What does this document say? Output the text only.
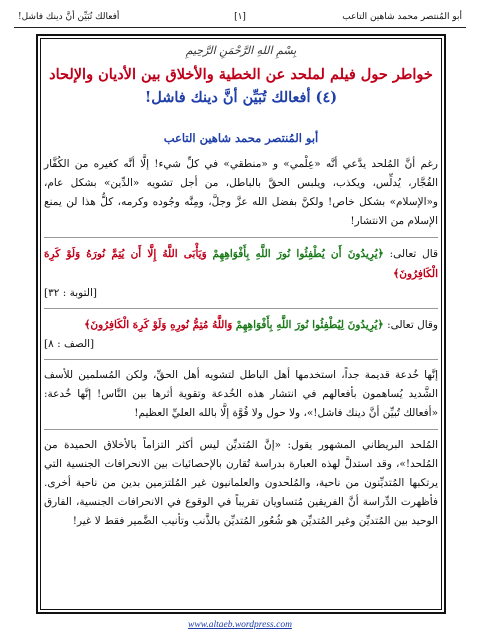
أبو المُنتصر محمد شاهين التاعب
[١]
أفعالك تُبَيِّن أنَّ دينك فاشل!
بِسْمِ اللهِ الرَّحْمَنِ الرَّحِيمِ
خواطر حول فيلم لملحد عن الخطية والأخلاق بين الأديان والإلحاد
(٤) أفعالك تُبَيِّن أنَّ دينك فاشل!
أبو المُنتصر محمد شاهين التاعب

رغم أنَّ المُلحد يدَّعي أنَّه «عِلْمي» و «منطقي» في كلِّ شيء! إلَّا أنَّه كغيره من الكُفَّار الفُجَّار، يُدلِّس، ويكذب، ويلبس الحقَّ بالباطل، من أجل تشويه «الدِّين» بشكل عام، و«الإسلام» بشكل خاص! ولكنَّ بفضل الله عزَّ وجلَّ، ومِنَّه وجُوده وكرمه، كلُّ هذا لن يمنع الإسلام من الانتشار!

قال تعالى: ﴿يُرِيدُونَ أَن يُطْفِئُوا نُورَ اللَّهِ بِأَفْوَاهِهِمْ وَيَأْبَى اللَّهُ إِلَّا أَن يُتِمَّ نُورَهُ وَلَوْ كَرِهَ الْكَافِرُونَ﴾
[التوبة : ٣٢]
وقال تعالى: ﴿يُرِيدُونَ لِيُطْفِئُوا نُورَ اللَّهِ بِأَفْوَاهِهِمْ وَاللَّهُ مُتِمُّ نُورِهِ وَلَوْ كَرِهَ الْكَافِرُونَ﴾
[الصف : ٨]

إنَّها خُدعة قديمة جداً، استخدمها أهل الباطل لتشويه أهل الحقِّ، ولكن المُسلمين للأسف الشَّديد يُساهمون بأفعالهم في انتشار هذه الخُدعة وتقوية أثرها بين النَّاس! إنَّها خُدعة: «أفعالك تُبيِّن أنَّ دينك فاشل!»، ولا حول ولا قُوَّة إلَّا بالله العليِّ العظيم!

المُلحد البريطاني المشهور يقول: «إنَّ المُتديِّن ليس أكثر التزاماً بالأخلاق الحميدة من المُلحد!»، وقد استدلَّ لهذه العبارة بدراسة تُقارن بالإحصائيات بين الانحرافات الجنسية التي يرتكبها المُتديِّنون من ناحية، والمُلحدون والعلمانيون غير المُلتزمين بدين من ناحية أخرى. فأظهرت الدِّراسة أنَّ الفريقين مُتساويان تقريباً في الوقوع في الانحرافات الجنسية، الفارق الوحيد بين المُتديِّن وغير المُتديِّن هو شُعُور المُتديِّن بالذَّنب وتأنيب الضَّمير فقط لا غير!

www.altaeb.wordpress.com
